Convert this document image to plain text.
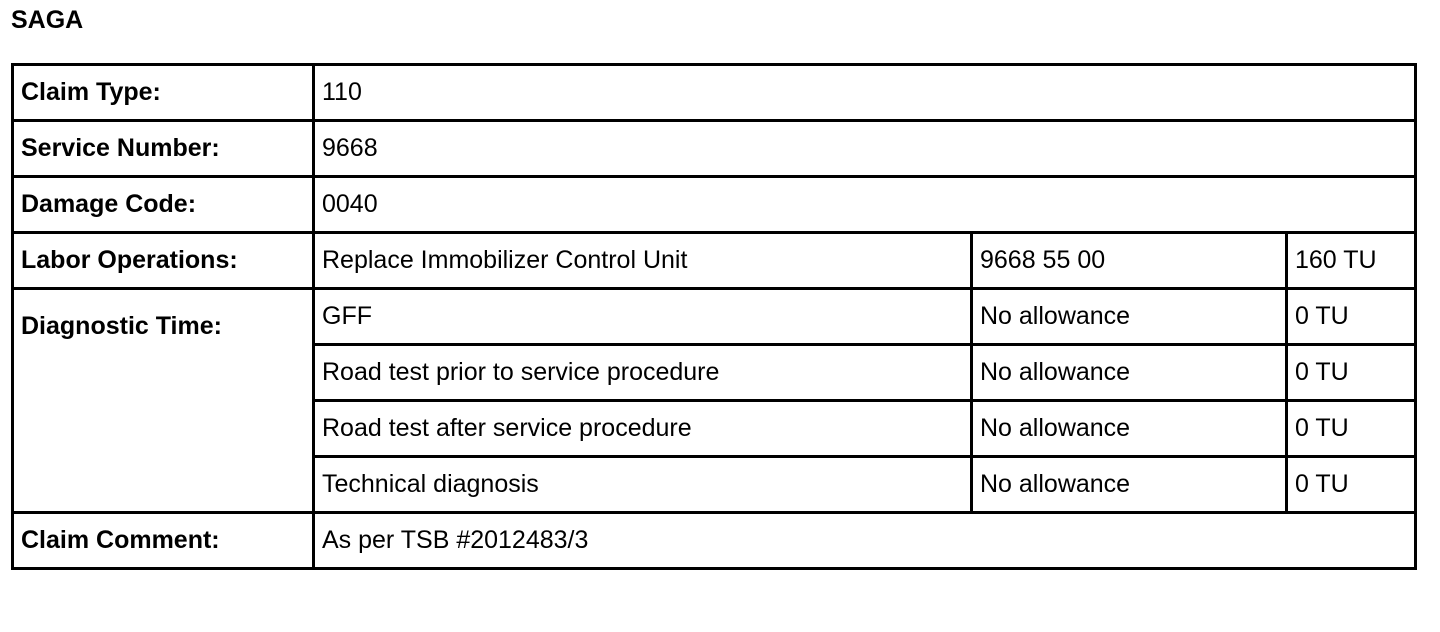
SAGA
Claim Type:	110		
Service Number:	9668		
Damage Code:	0040		
Labor Operations:	Replace Immobilizer Control Unit	9668 55 00	160 TU
Diagnostic Time:	GFF	No allowance	0 TU
	Road test prior to service procedure	No allowance	0 TU
	Road test after service procedure	No allowance	0 TU
	Technical diagnosis	No allowance	0 TU
Claim Comment:	As per TSB #2012483/3		
